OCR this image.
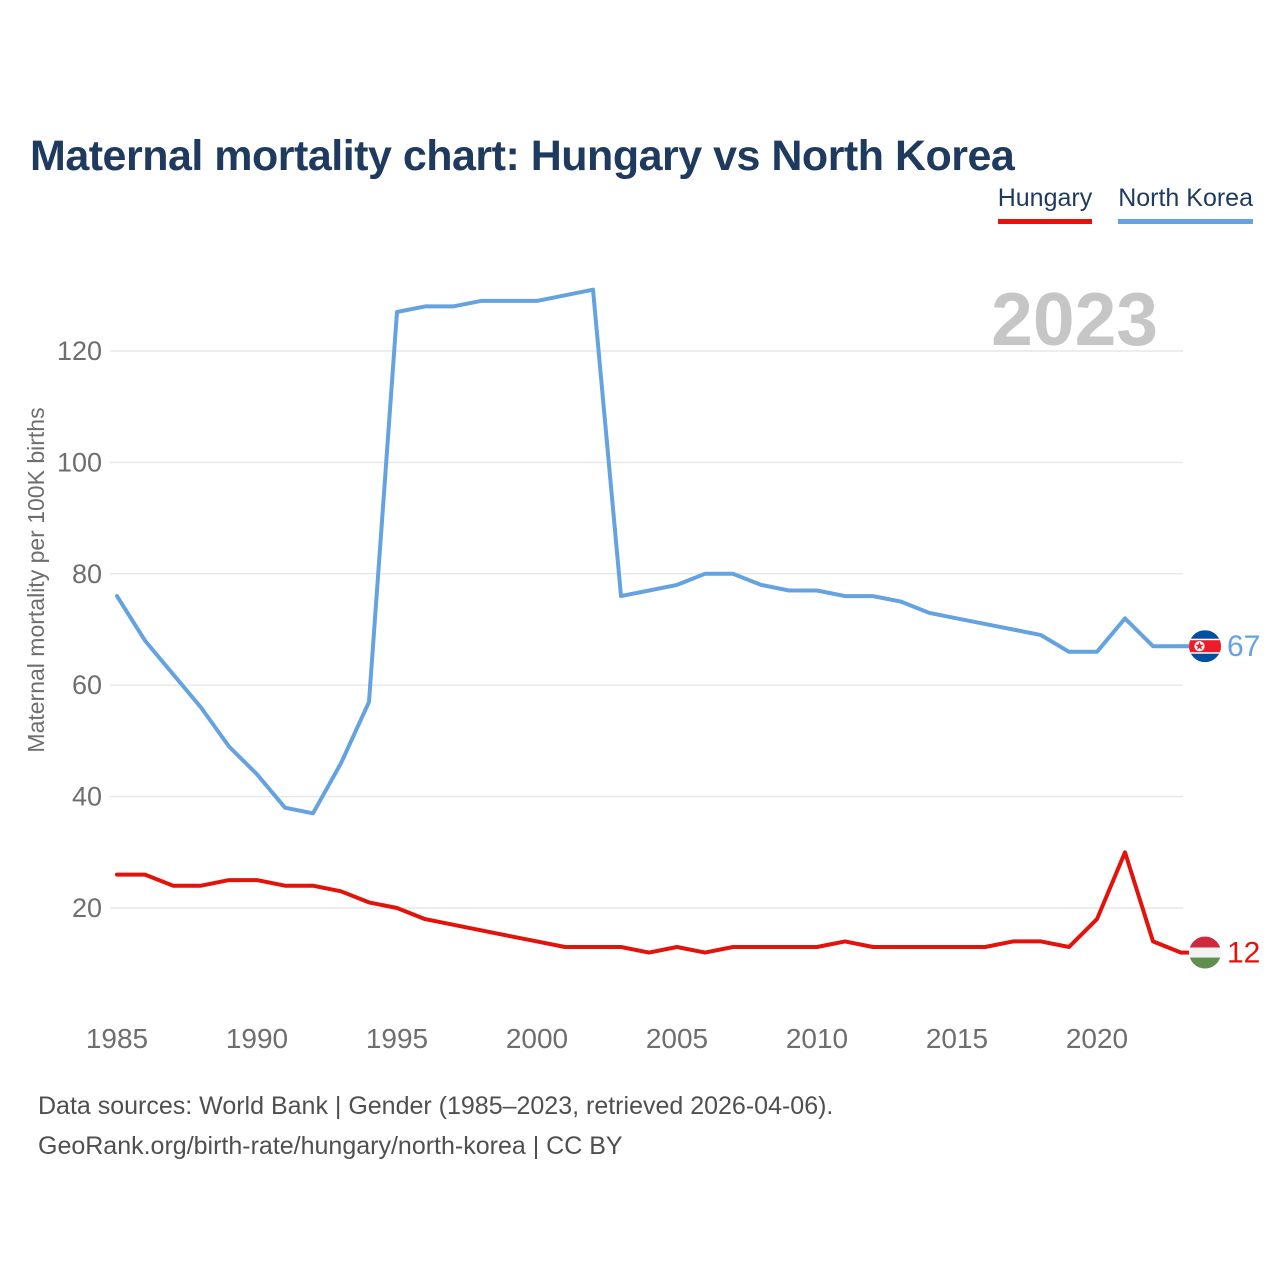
Maternal mortality chart: Hungary vs North Korea
Hungary North Korea
20
40
60
80
100
120
1985	1990	1995	2000	2005	2010	2015	2020
Maternal mortality per 100K births
2023
12
67
Data sources: World Bank | Gender (1985–2023, retrieved 2026-04-06).
GeoRank.org/birth-rate/hungary/north-korea | CC BY
